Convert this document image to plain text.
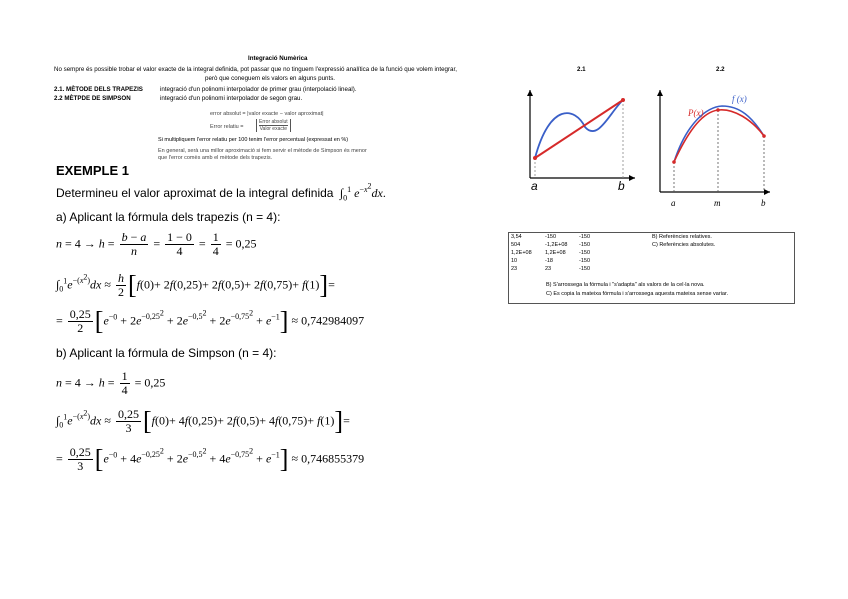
Integració Numèrica
No sempre és possible trobar el valor exacte de la integral definida, pot passar que no tinguem l'expressió analítica de la funció que volem integrar,
però que coneguem els valors en alguns punts.
2.1. MÈTODE DELS TRAPEZIS	integració d'un polinomi interpolador de primer grau (interpolació lineal).
2.2 MÈTPDE DE SIMPSON	integració d'un polinomi interpolador de segon grau.
error absolut = |valor exacte − valor aproximat|
Error relatiu =
Error absolut
Valor exacte
Si multipliquem l'error relatiu per 100 tenim l'error percentual (expressat en %)
En general, serà una millor aproximació si fem servir el mètode de Simpson és menor
que l'error comès amb el mètode dels trapezis.
EXEMPLE 1
Determineu el valor aproximat de la integral definida  $\int_0^1$ $e^{-x^2}dx$.
a) Aplicant la fórmula dels trapezis (n = 4):
$n = 4 \to h = \frac{b - a}{n} = \frac{1 - 0}{4} = \frac{1}{4} = 0,25$
$\int_0^1e^{-(x^2)}dx \approx \frac{h}{2} [f(0)+ 2f(0,25)+ 2f(0,5)+ 2f(0,75)+ f(1)]=$
= $\frac{0,25}{2} [e^{-0} + 2e^{-0,25^2} + 2e^{-0,5^2} + 2e^{-0,75^2} + e^{-1}] \approx 0,742984097$
b) Aplicant la fórmula de Simpson (n = 4):
$n = 4 \to h = \frac{1}{4} = 0,25$
$\int_0^1e^{-(x^2)}dx \approx \frac{0,25}{3} [f(0)+ 4f(0,25)+ 2f(0,5)+ 4f(0,75)+ f(1)]=$
= $\frac{0,25}{3} [e^{-0} + 4e^{-0,25^2} + 2e^{-0,5^2} + 4e^{-0,75^2} + e^{-1}] \approx 0,746855379$
2.1	2.2
a	b
P(x)
f (x)
a	m	b
3,54	-150	-150
504	-1,2E+08 -150
1,2E+08 1,2E+08 -150
10	-18	-150
23	23	-150
B) Referències relatives.
C) Referències absolutes.
B) S'arrossega la fórmula i "s'adapta" als valors de la cel·la nova.
C) Es copia la mateixa fórmula i s'arrossega aquesta mateixa sense variar.
